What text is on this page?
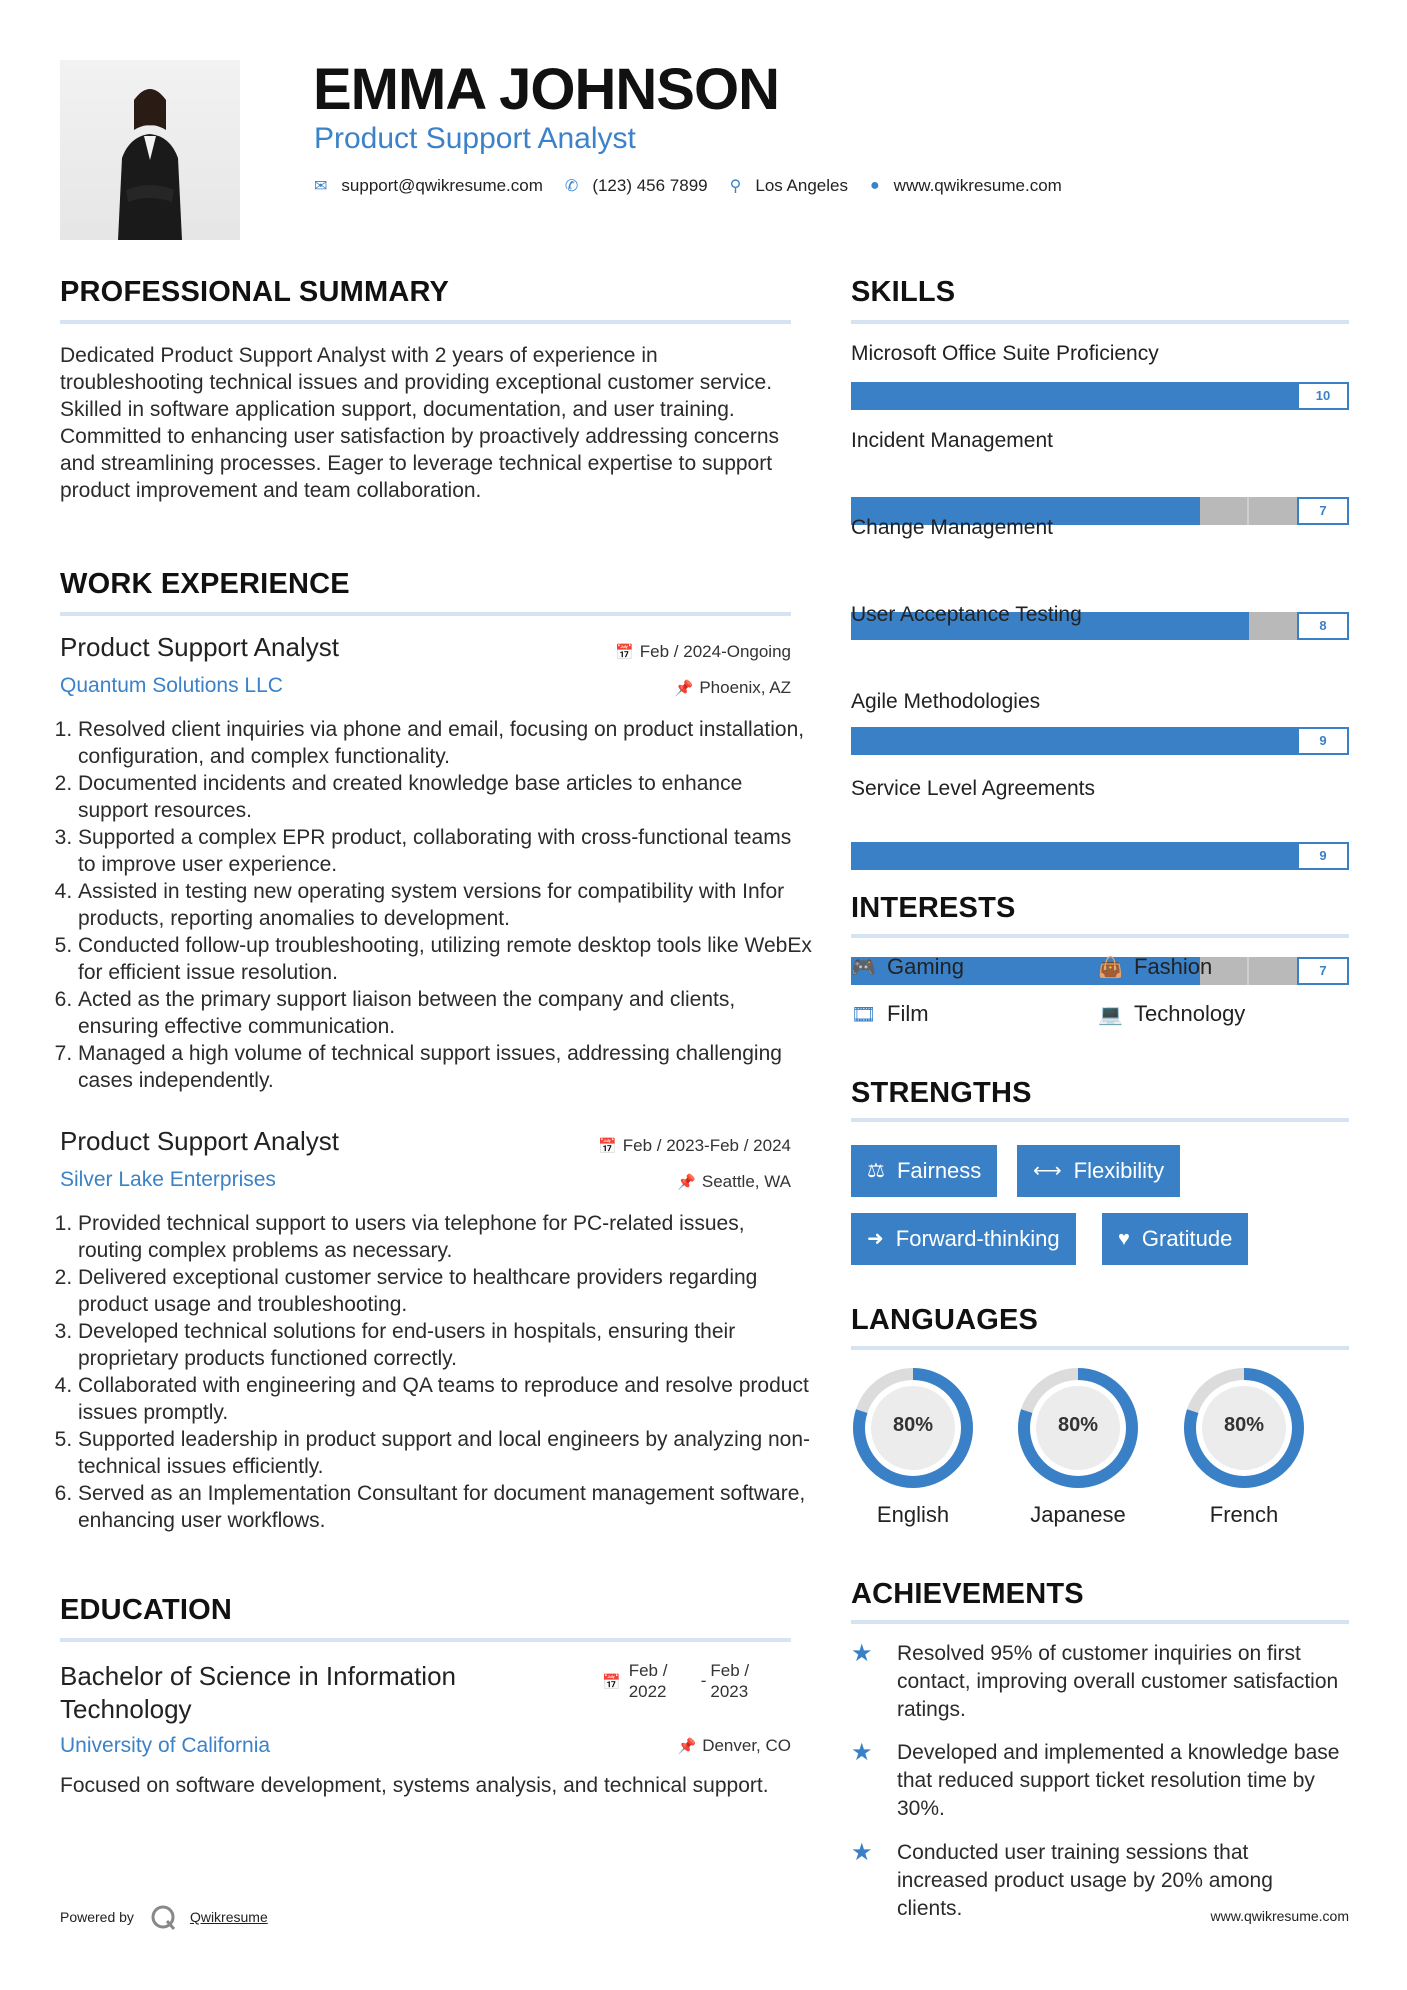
EMMA JOHNSON
Product Support Analyst
✉ support@qwikresume.com ✆ (123) 456 7899 ⚲ Los Angeles ● www.qwikresume.com
PROFESSIONAL SUMMARY
Dedicated Product Support Analyst with 2 years of experience in troubleshooting technical issues and providing exceptional customer service. Skilled in software application support, documentation, and user training. Committed to enhancing user satisfaction by proactively addressing concerns and streamlining processes. Eager to leverage technical expertise to support product improvement and team collaboration.
WORK EXPERIENCE
Product Support Analyst	📅 Feb / 2024-Ongoing
Quantum Solutions LLC	📌 Phoenix, AZ
1. Resolved client inquiries via phone and email, focusing on product installation, configuration, and complex functionality.
2. Documented incidents and created knowledge base articles to enhance support resources.
3. Supported a complex EPR product, collaborating with cross-functional teams to improve user experience.
4. Assisted in testing new operating system versions for compatibility with Infor products, reporting anomalies to development.
5. Conducted follow-up troubleshooting, utilizing remote desktop tools like WebEx for efficient issue resolution.
6. Acted as the primary support liaison between the company and clients, ensuring effective communication.
7. Managed a high volume of technical support issues, addressing challenging cases independently.
Product Support Analyst	📅 Feb / 2023-Feb / 2024
Silver Lake Enterprises	📌 Seattle, WA
1. Provided technical support to users via telephone for PC-related issues, routing complex problems as necessary.
2. Delivered exceptional customer service to healthcare providers regarding product usage and troubleshooting.
3. Developed technical solutions for end-users in hospitals, ensuring their proprietary products functioned correctly.
4. Collaborated with engineering and QA teams to reproduce and resolve product issues promptly.
5. Supported leadership in product support and local engineers by analyzing non-technical issues efficiently.
6. Served as an Implementation Consultant for document management software, enhancing user workflows.
EDUCATION
Bachelor of Science in Information Technology
📅
Feb / 2022
-
Feb / 2023
University of California	📌 Denver, CO
Focused on software development, systems analysis, and technical support.
Powered by	Qwikresume
SKILLS
Microsoft Office Suite Proficiency
10
Incident Management
7
Change Management
8
User Acceptance Testing
9
Agile Methodologies
9
Service Level Agreements
7
INTERESTS
🎮 Gaming	👜 Fashion
🎞 Film	💻 Technology
STRENGTHS
⚖ Fairness	⟷ Flexibility
➜ Forward-thinking	♥ Gratitude
LANGUAGES
80%
English
80%
Japanese
80%
French
ACHIEVEMENTS
★	Resolved 95% of customer inquiries on first contact, improving overall customer satisfaction ratings.
★	Developed and implemented a knowledge base that reduced support ticket resolution time by 30%.
★	Conducted user training sessions that increased product usage by 20% among clients.	www.qwikresume.com
